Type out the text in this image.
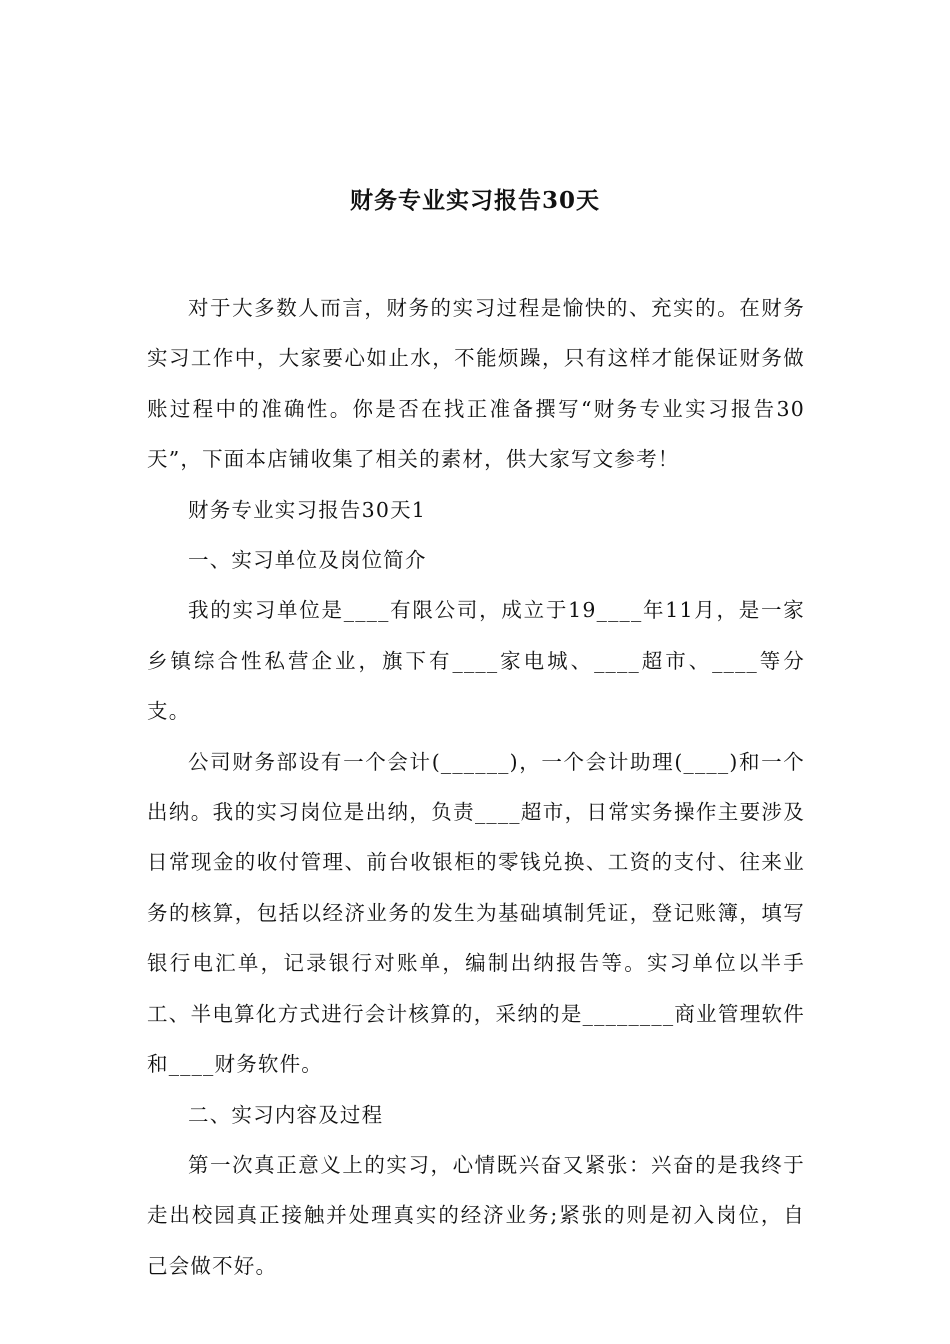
财务专业实习报告30天

对于大多数人而言，财务的实习过程是愉快的、充实的。在财务实习工作中，大家要心如止水，不能烦躁，只有这样才能保证财务做账过程中的准确性。你是否在找正准备撰写“财务专业实习报告30天”，下面本店铺收集了相关的素材，供大家写文参考！

财务专业实习报告30天1

一、实习单位及岗位简介

我的实习单位是____有限公司，成立于19____年11月，是一家乡镇综合性私营企业，旗下有____家电城、____超市、____等分支。

公司财务部设有一个会计(______)，一个会计助理(____)和一个出纳。我的实习岗位是出纳，负责____超市，日常实务操作主要涉及日常现金的收付管理、前台收银柜的零钱兑换、工资的支付、往来业务的核算，包括以经济业务的发生为基础填制凭证，登记账簿，填写银行电汇单，记录银行对账单，编制出纳报告等。实习单位以半手工、半电算化方式进行会计核算的，采纳的是________商业管理软件和____财务软件。

二、实习内容及过程

第一次真正意义上的实习，心情既兴奋又紧张：兴奋的是我终于走出校园真正接触并处理真实的经济业务;紧张的则是初入岗位，自己会做不好。
